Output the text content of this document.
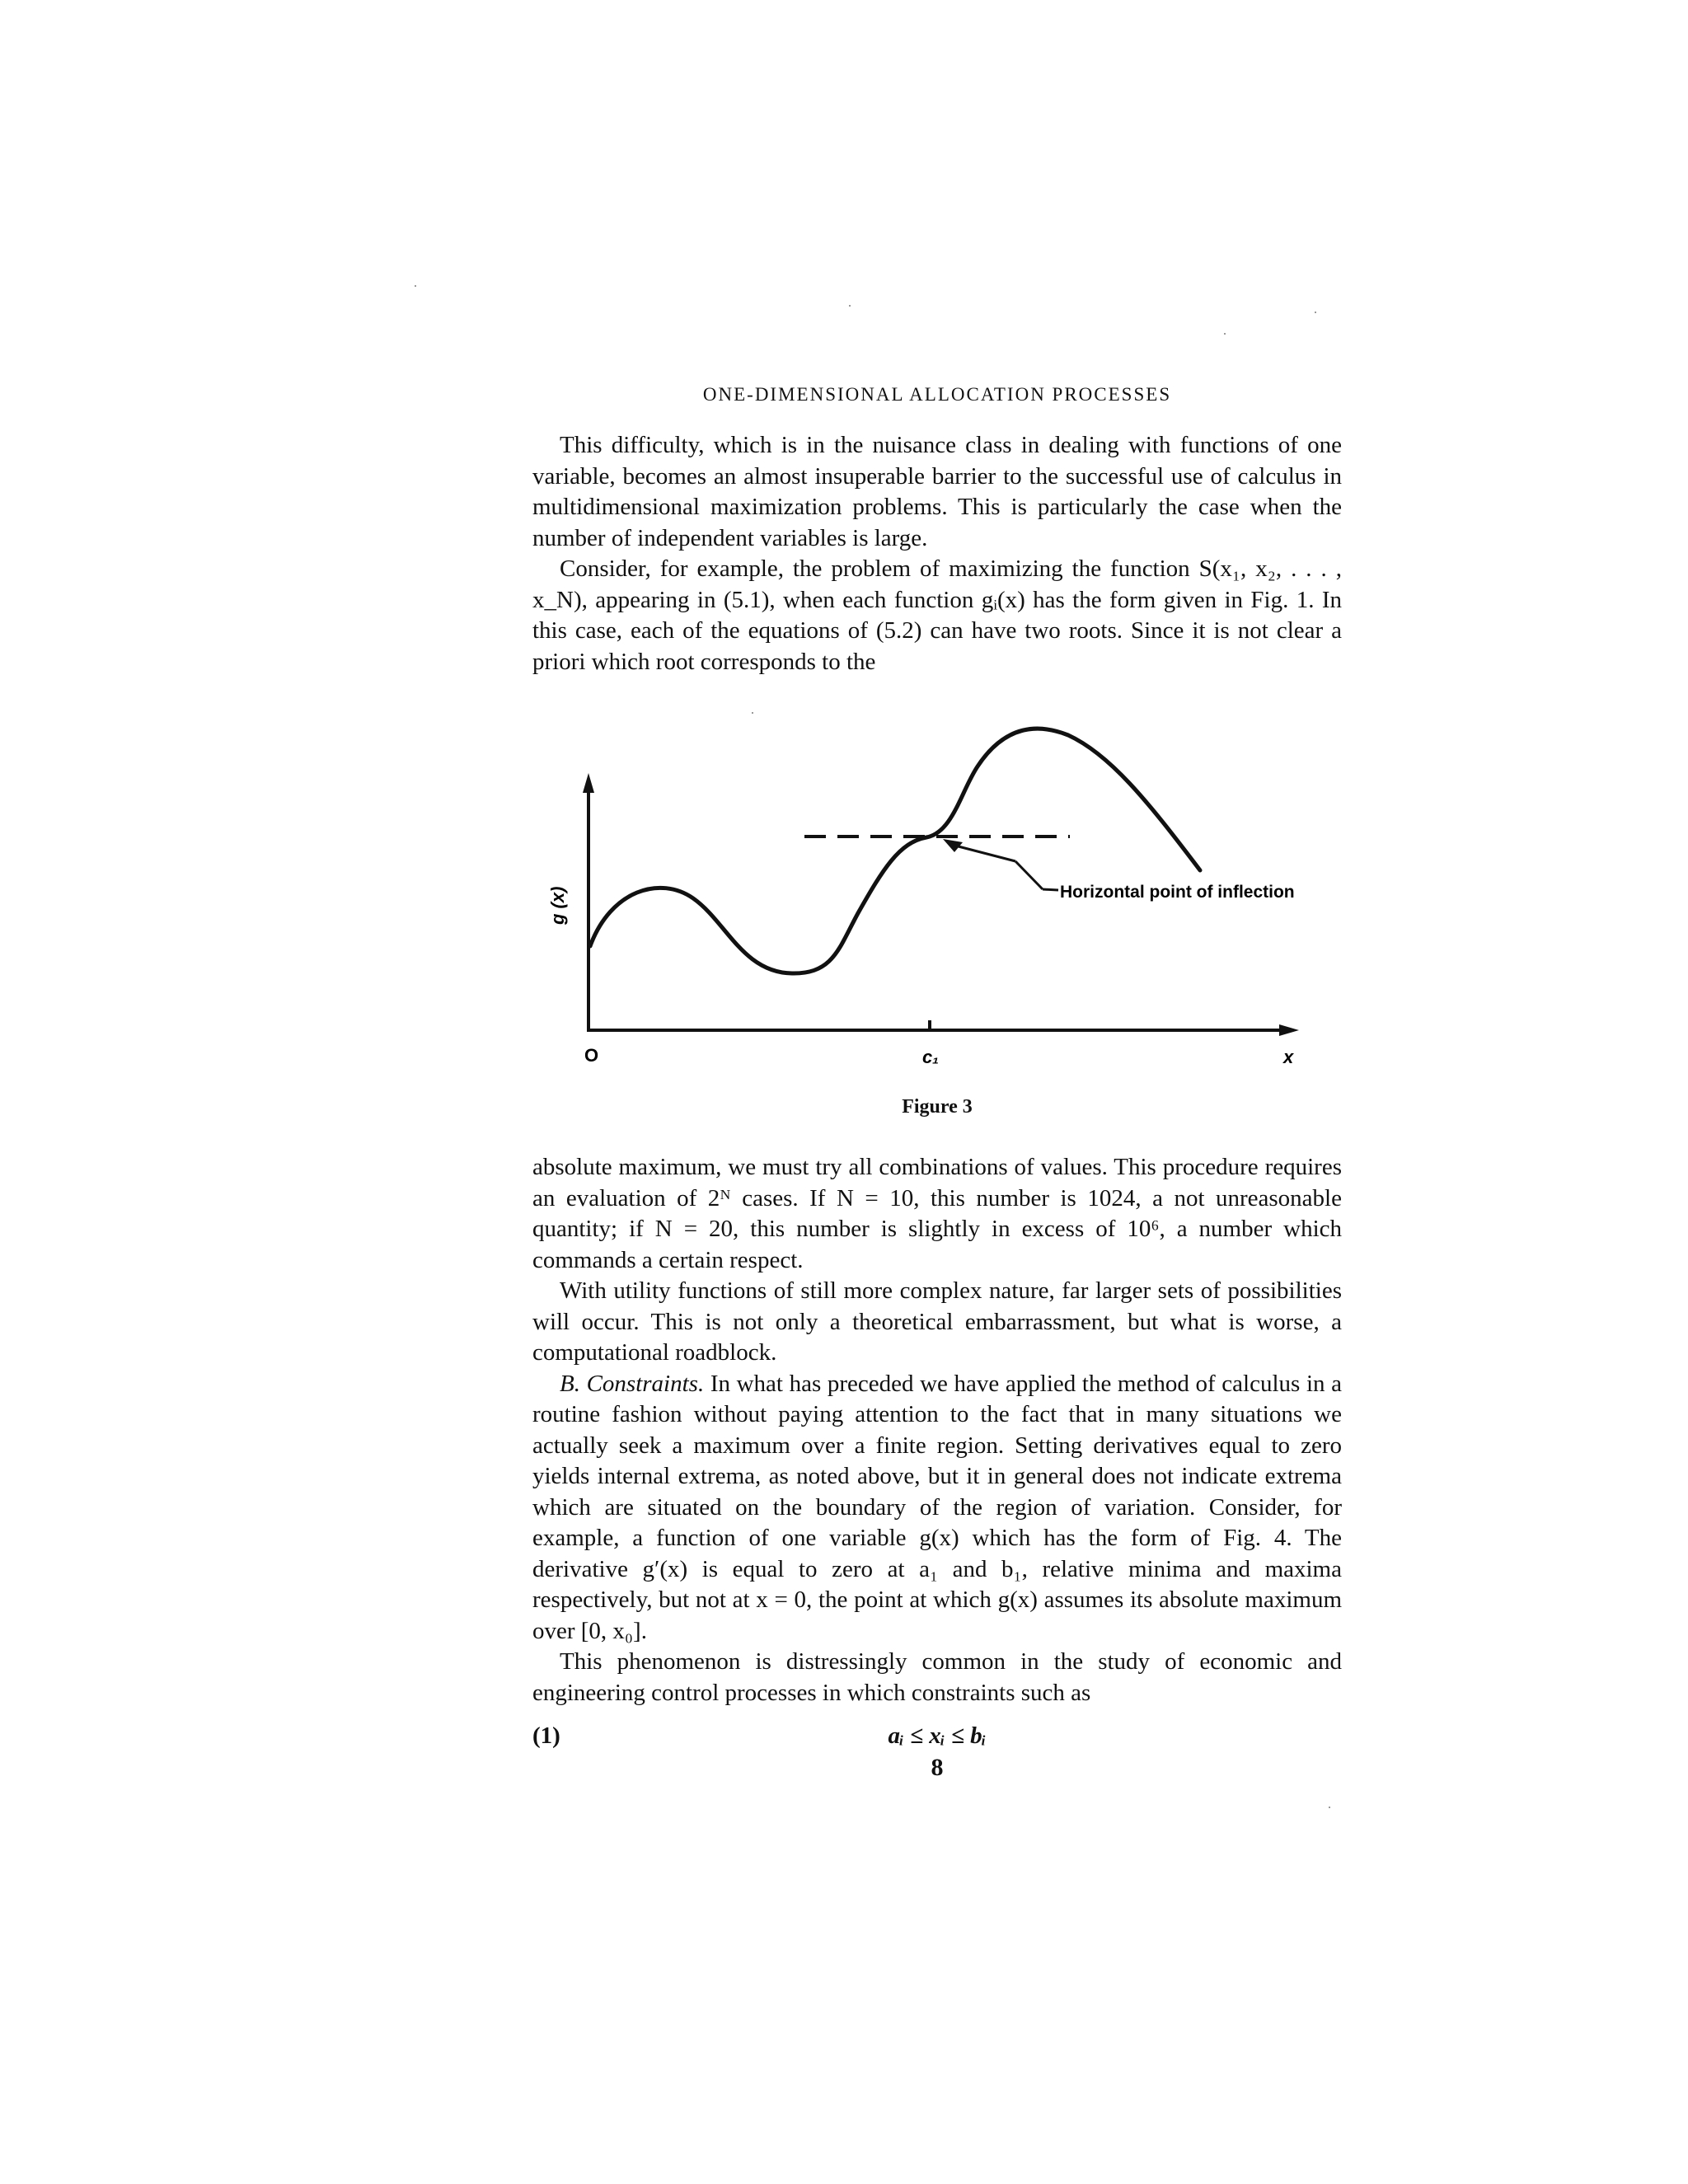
ONE-DIMENSIONAL ALLOCATION PROCESSES

This difficulty, which is in the nuisance class in dealing with functions of one variable, becomes an almost insuperable barrier to the successful use of calculus in multidimensional maximization problems. This is particularly the case when the number of independent variables is large.

Consider, for example, the problem of maximizing the function S(x₁, x₂, . . . , x_N), appearing in (5.1), when each function gᵢ(x) has the form given in Fig. 1. In this case, each of the equations of (5.2) can have two roots. Since it is not clear a priori which root corresponds to the

Horizontal point of inflection
O	c₁	x
g (x)
Figure 3

absolute maximum, we must try all combinations of values. This procedure requires an evaluation of 2ᴺ cases. If N = 10, this number is 1024, a not unreasonable quantity; if N = 20, this number is slightly in excess of 10⁶, a number which commands a certain respect.

With utility functions of still more complex nature, far larger sets of possibilities will occur. This is not only a theoretical embarrassment, but what is worse, a computational roadblock.

B. Constraints. In what has preceded we have applied the method of calculus in a routine fashion without paying attention to the fact that in many situations we actually seek a maximum over a finite region. Setting derivatives equal to zero yields internal extrema, as noted above, but it in general does not indicate extrema which are situated on the boundary of the region of variation. Consider, for example, a function of one variable g(x) which has the form of Fig. 4. The derivative g′(x) is equal to zero at a₁ and b₁, relative minima and maxima respectively, but not at x = 0, the point at which g(x) assumes its absolute maximum over [0, x₀].

This phenomenon is distressingly common in the study of economic and engineering control processes in which constraints such as

(1)	aᵢ ≤ xᵢ ≤ bᵢ
8
